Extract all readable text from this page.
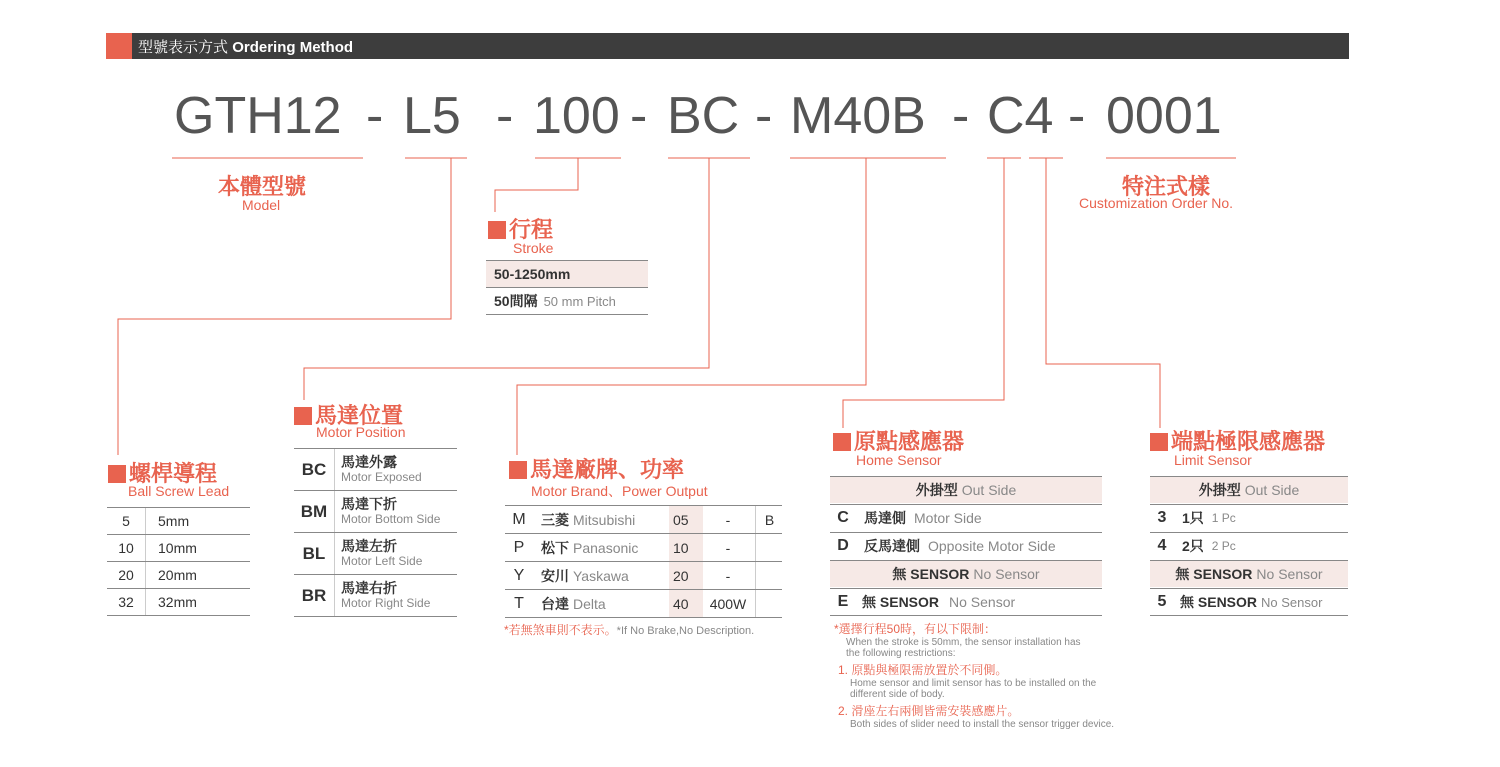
型號表示方式 Ordering Method
GTH12 - L5 - 100 - BC - M40B - C4 - 0001
本體型號
Model
特注式樣
Customization Order No.
行程
Stroke
50-1250mm
50間隔 50 mm Pitch
螺桿導程
Ball Screw Lead
5	5mm
10	10mm
20	20mm
32	32mm
馬達位置
Motor Position
BC	馬達外露
Motor Exposed
BM 馬達下折
Motor Bottom Side
BL	馬達左折
Motor Left Side
BR	馬達右折
Motor Right Side
馬達廠牌、功率
Motor Brand、Power Output
M	三菱 Mitsubishi	05	-	B
P	松下 Panasonic	10	-
Y	安川 Yaskawa	20	-
T	台達 Delta	40	400W
*若無煞車則不表示。*If No Brake,No Description.
原點感應器
Home Sensor
外掛型 Out Side
C	馬達側 Motor Side
D	反馬達側 Opposite Motor Side
無 SENSOR No Sensor
E 無 SENSOR No Sensor
端點極限感應器
Limit Sensor
外掛型 Out Side
3	1只 1 Pc
4	2只 2 Pc
無 SENSOR No Sensor
5 無 SENSOR No Sensor
*選擇行程50時，有以下限制：
When the stroke is 50mm, the sensor installation has
the following restrictions:
1. 原點與極限需放置於不同側。
Home sensor and limit sensor has to be installed on the
different side of body.
2. 滑座左右兩側皆需安裝感應片。
Both sides of slider need to install the sensor trigger device.
